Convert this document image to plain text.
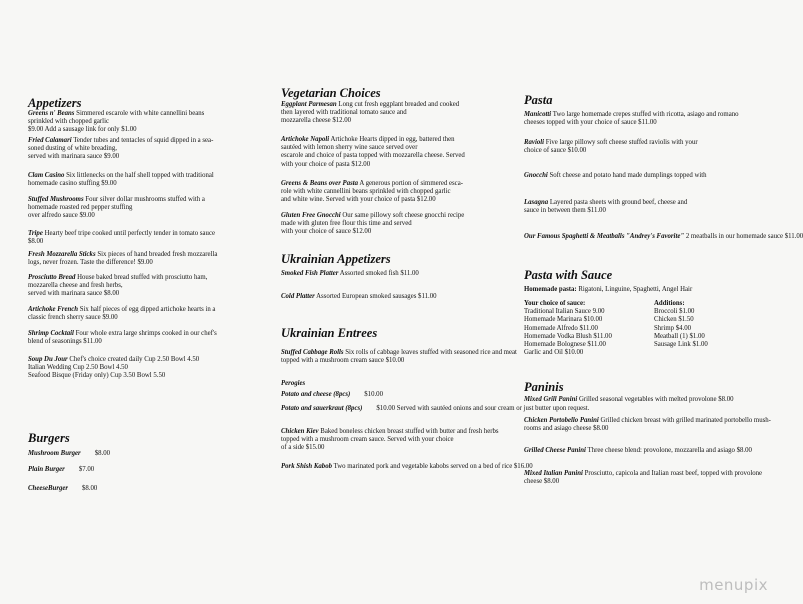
Appetizers
Greens n' Beans Simmered escarole with white cannellini beans
sprinkled with chopped garlic
$9.00 Add a sausage link for only $1.00
Fried Calamari Tender tubes and tentacles of squid dipped in a sea-
soned dusting of white breading,
served with marinara sauce $9.00
Clam Casino Six littlenecks on the half shell topped with traditional
homemade casino stuffing $9.00
Stuffed Mushrooms Four silver dollar mushrooms stuffed with a
homemade roasted red pepper stuffing
over alfredo sauce $9.00
Tripe Hearty beef tripe cooked until perfectly tender in tomato sauce
$8.00
Fresh Mozzarella Sticks Six pieces of hand breaded fresh mozzarella
logs, never frozen. Taste the difference! $9.00
Prosciutto Bread House baked bread stuffed with prosciutto ham,
mozzarella cheese and fresh herbs,
served with marinara sauce $8.00
Artichoke French Six half pieces of egg dipped artichoke hearts in a
classic french sherry sauce $9.00
Shrimp Cocktail Four whole extra large shrimps cooked in our chef's
blend of seasonings $11.00
Soup Du Jour Chef's choice created daily Cup 2.50 Bowl 4.50
Italian Wedding Cup 2.50 Bowl 4.50
Seafood Bisque (Friday only) Cup 3.50 Bowl 5.50
Burgers
Mushroom Burger $8.00
Plain Burger $7.00
CheeseBurger $8.00
Vegetarian Choices
Eggplant Parmesan Long cut fresh eggplant breaded and cooked
then layered with traditional tomato sauce and
mozzarella cheese $12.00
Artichoke Napoli Artichoke Hearts dipped in egg, battered then
sautéed with lemon sherry wine sauce served over
escarole and choice of pasta topped with mozzarella cheese. Served
with your choice of pasta $12.00
Greens & Beans over Pasta A generous portion of simmered esca-
role with white cannellini beans sprinkled with chopped garlic
and white wine. Served with your choice of pasta $12.00
Gluten Free Gnocchi Our same pillowy soft cheese gnocchi recipe
made with gluten free flour this time and served
with your choice of sauce $12.00
Ukrainian Appetizers
Smoked Fish Platter Assorted smoked fish $11.00
Cold Platter Assorted European smoked sausages $11.00
Ukrainian Entrees
Stuffed Cabbage Rolls Six rolls of cabbage leaves stuffed with seasoned rice and meat
topped with a mushroom cream sauce $10.00
Perogies
Potato and cheese (8pcs) $10.00
Potato and sauerkraut (8pcs) $10.00 Served with sautéed onions and sour cream or just butter upon request.
Chicken Kiev Baked boneless chicken breast stuffed with butter and fresh herbs
topped with a mushroom cream sauce. Served with your choice
of a side $15.00
Pork Shish Kabob Two marinated pork and vegetable kabobs served on a bed of rice $16.00
Pasta
Manicotti Two large homemade crepes stuffed with ricotta, asiago and romano
cheeses topped with your choice of sauce $11.00
Ravioli Five large pillowy soft cheese stuffed raviolis with your
choice of sauce $10.00
Gnocchi Soft cheese and potato hand made dumplings topped with
Lasagna Layered pasta sheets with ground beef, cheese and
sauce in between them $11.00
Our Famous Spaghetti & Meatballs "Andrey's Favorite" 2 meatballs in our homemade sauce $11.00
Pasta with Sauce
Homemade pasta: Rigatoni, Linguine, Spaghetti, Angel Hair
Your choice of sauce:	Additions:
Traditional Italian Sauce 9.00	Broccoli $1.00
Homemade Marinara $10.00	Chicken $1.50
Homemade Alfredo $11.00	Shrimp $4.00
Homemade Vodka Blush $11.00	Meatball (1) $1.00
Homemade Bolognese $11.00	Sausage Link $1.00
Garlic and Oil $10.00	
Paninis
Mixed Grill Panini Grilled seasonal vegetables with melted provolone $8.00
Chicken Portobello Panini Grilled chicken breast with grilled marinated portobello mush-
rooms and asiago cheese $8.00
Grilled Cheese Panini Three cheese blend: provolone, mozzarella and asiago $8.00
Mixed Italian Panini Prosciutto, capicola and Italian roast beef, topped with provolone
cheese $8.00
menupix
